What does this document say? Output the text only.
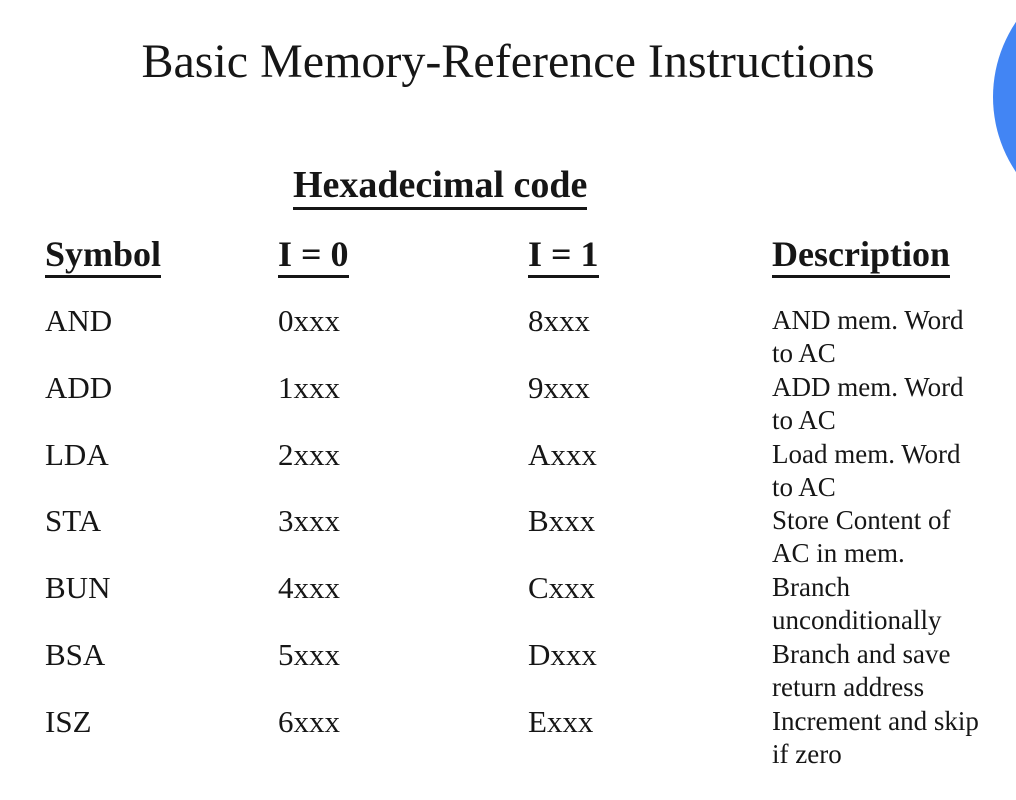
Basic Memory-Reference Instructions
Hexadecimal code
Symbol	I = 0	I = 1	Description
AND	0xxx	8xxx	AND mem. Word
to AC
ADD	1xxx	9xxx	ADD mem. Word
to AC
LDA	2xxx	Axxx	Load mem. Word
to AC
STA	3xxx	Bxxx	Store Content of
AC in mem.
BUN	4xxx	Cxxx	Branch
unconditionally
BSA	5xxx	Dxxx	Branch and save
return address
ISZ	6xxx	Exxx	Increment and skip
if zero
